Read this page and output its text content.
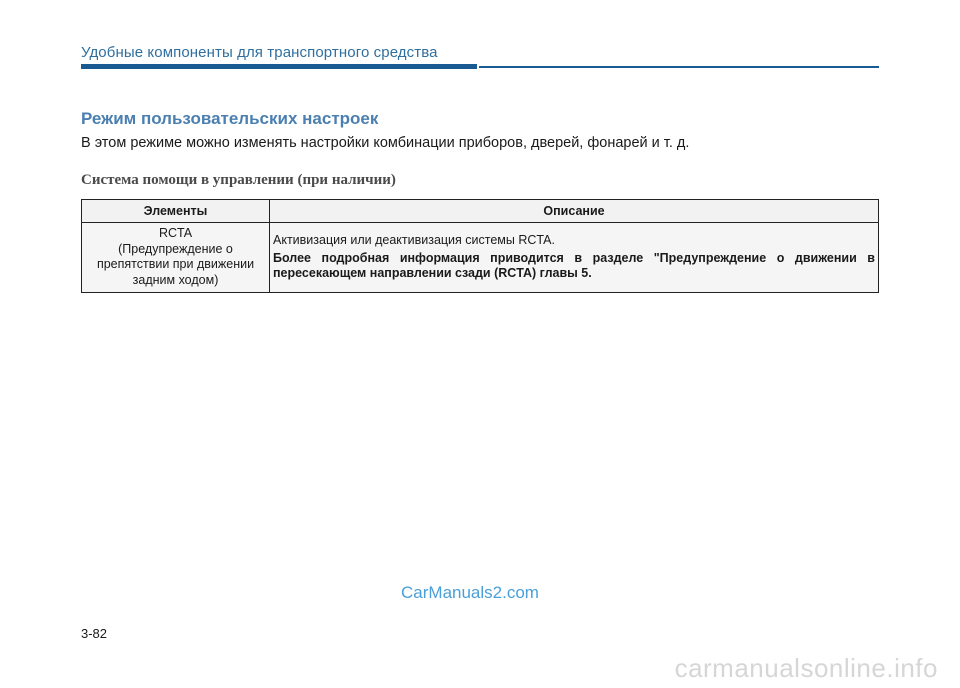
Удобные компоненты для транспортного средства
Режим пользовательских настроек
В этом режиме можно изменять настройки комбинации приборов, дверей, фонарей и т. д.
Система помощи в управлении (при наличии)
Элементы	Описание

RCTA
(Предупреждение о
препятствии при движении
задним ходом)	Активизация или деактивизация системы RCTA.
Более подробная информация приводится в разделе "Предупреждение о движении в пересекающем направлении сзади (RCTA) главы 5.
CarManuals2.com
3-82
carmanualsonline.info
